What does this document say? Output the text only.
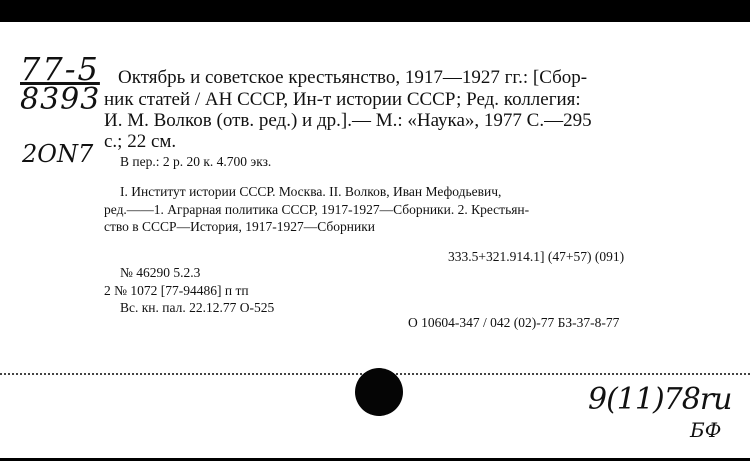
77-5
8393
2ON7
Октябрь и советское крестьянство, 1917—1927 гг.: [Сбор-
ник статей / АН СССР, Ин-т истории СССР; Ред. коллегия:
И. М. Волков (отв. ред.) и др.].— М.: «Наука», 1977 С.—295
с.; 22 см.
В пер.: 2 р. 20 к. 4.700 экз.
I. Институт истории СССР. Москва. II. Волков, Иван Мефодьевич,
ред.——1. Аграрная политика СССР, 1917-1927—Сборники. 2. Крестьян-
ство в СССР—История, 1917-1927—Сборники
333.5+321.914.1] (47+57) (091)
№ 46290 5.2.3
2 № 1072 [77-94486] п тп
Вс. кн. пал. 22.12.77 О-525
О 10604-347 / 042 (02)-77 БЗ-37-8-77
9(11)78ru
БФ
